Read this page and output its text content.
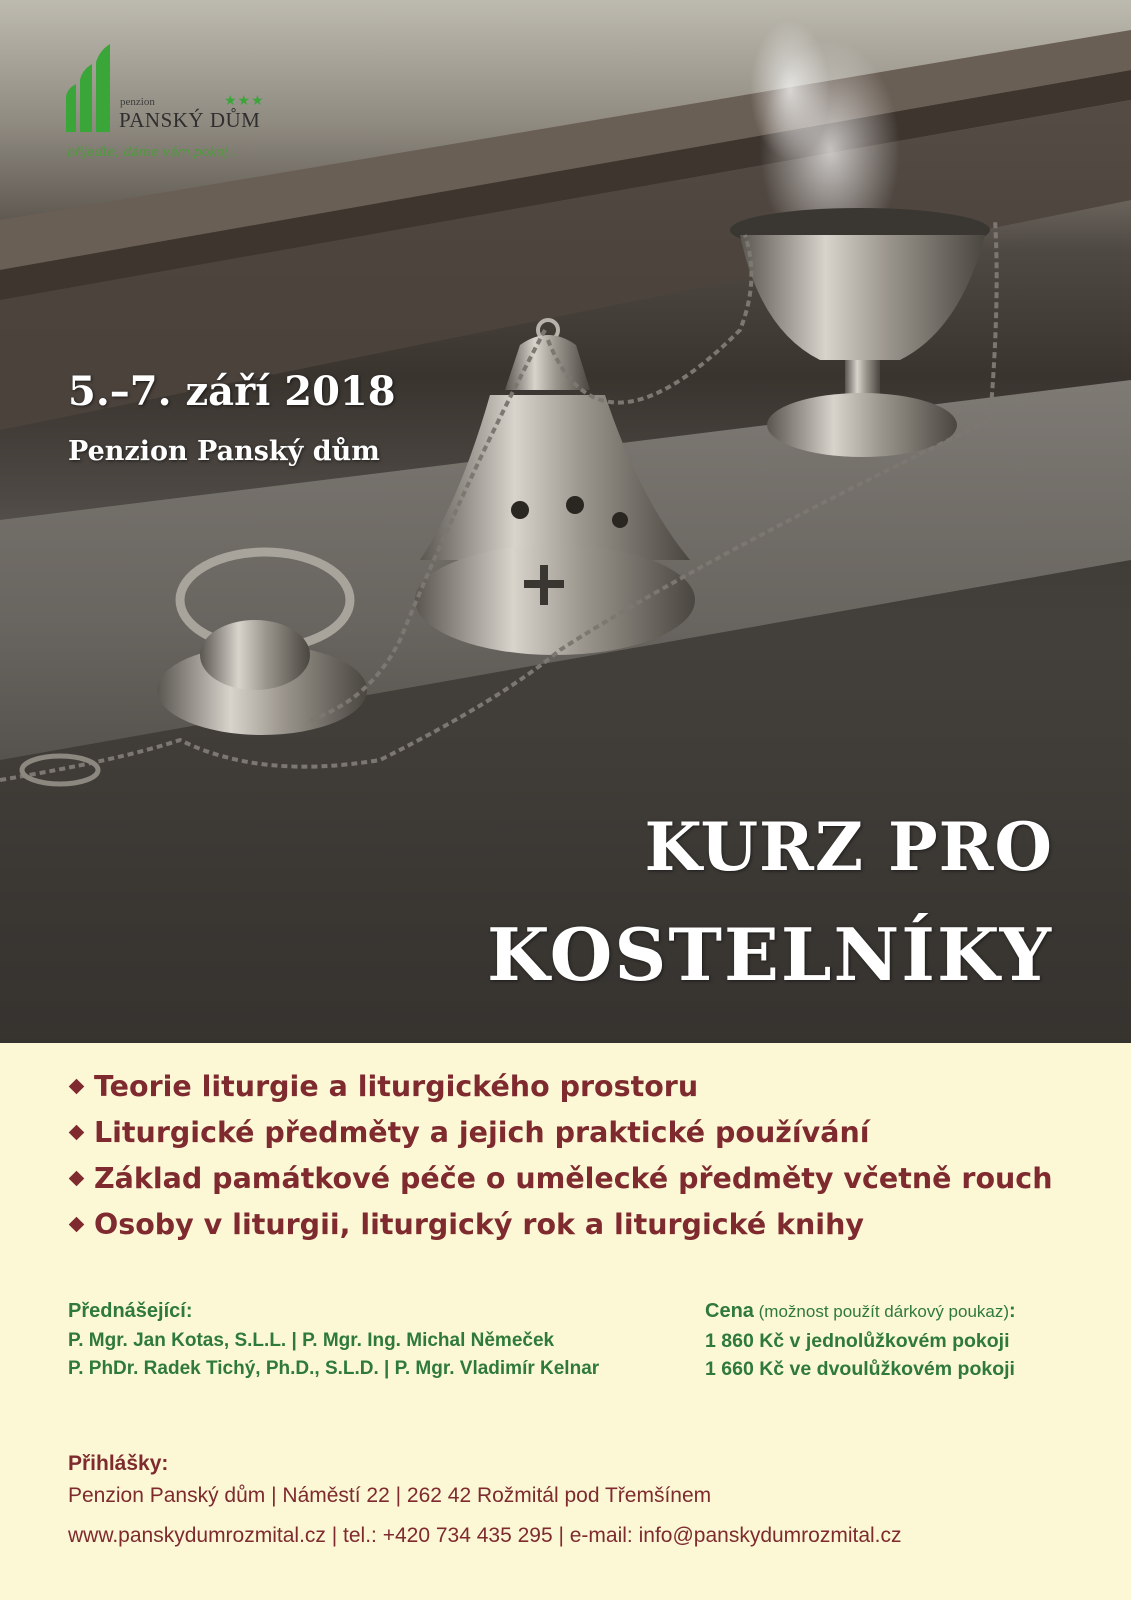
★★★
penzion
PANSKÝ DŮM
přijeďte, dáme vám pokoj...
5.–7. září 2018
Penzion Panský dům
KURZ PRO
KOSTELNÍKY
Teorie liturgie a liturgického prostoru
Liturgické předměty a jejich praktické používání
Základ památkové péče o umělecké předměty včetně rouch
Osoby v liturgii, liturgický rok a liturgické knihy
Přednášející:
P. Mgr. Jan Kotas, S.L.L. | P. Mgr. Ing. Michal Němeček
P. PhDr. Radek Tichý, Ph.D., S.L.D. | P. Mgr. Vladimír Kelnar
Cena (možnost použít dárkový poukaz):
1 860 Kč v jednolůžkovém pokoji
1 660 Kč ve dvoulůžkovém pokoji
Přihlášky:
Penzion Panský dům | Náměstí 22 | 262 42 Rožmitál pod Třemšínem
www.panskydumrozmital.cz | tel.: +420 734 435 295 | e-mail: info@panskydumrozmital.cz
